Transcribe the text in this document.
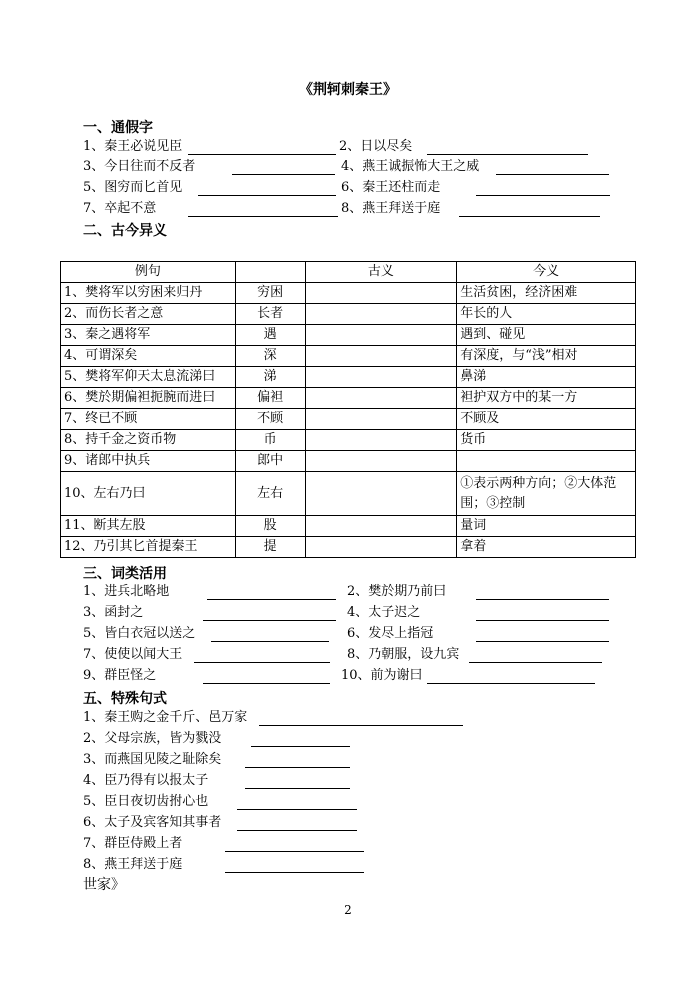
《荆轲刺秦王》
一、通假字
1、秦王必说见臣	2、日以尽矣
3、今日往而不反者	4、燕王诚振怖大王之威
5、图穷而匕首见	6、秦王还柱而走
7、卒起不意	8、燕王拜送于庭
二、古今异义
例句		古义	今义
1、樊将军以穷困来归丹	穷困		生活贫困，经济困难
2、而伤长者之意	长者		年长的人
3、秦之遇将军	遇		遇到、碰见
4、可谓深矣	深		有深度，与“浅”相对
5、樊将军仰天太息流涕曰	涕		鼻涕
6、樊於期偏袒扼腕而进曰	偏袒		袒护双方中的某一方
7、终已不顾	不顾		不顾及
8、持千金之资币物	币		货币
9、诸郎中执兵	郎中		
10、左右乃曰	左右		①表示两种方向；②大体范围；③控制
11、断其左股	股		量词
12、乃引其匕首提秦王	提		拿着
三、词类活用
1、进兵北略地	2、樊於期乃前曰
3、函封之	4、太子迟之
5、皆白衣冠以送之	6、发尽上指冠
7、使使以闻大王	8、乃朝服，设九宾
9、群臣怪之	10、前为谢曰
五、特殊句式
1、秦王购之金千斤、邑万家
2、父母宗族，皆为戮没
3、而燕国见陵之耻除矣
4、臣乃得有以报太子
5、臣日夜切齿拊心也
6、太子及宾客知其事者
7、群臣侍殿上者
8、燕王拜送于庭
世家》
2
